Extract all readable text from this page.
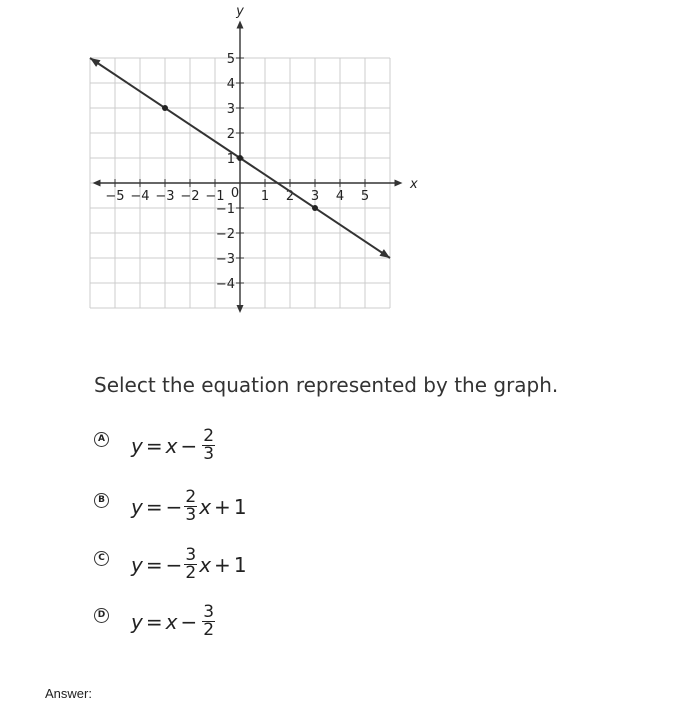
−5 −4 −3 −2 −1	1 2 3 4 5
5
4
3
2
1
−1
−2
−3
−4
0
x
y
Select the equation represented by the graph.
A $y = x - \frac{2}{3}$
B y = − $\frac{2}{3}$ x + 1
C y = − $\frac{3}{2}$ x + 1
D $y = x - \frac{3}{2}$
Answer:
